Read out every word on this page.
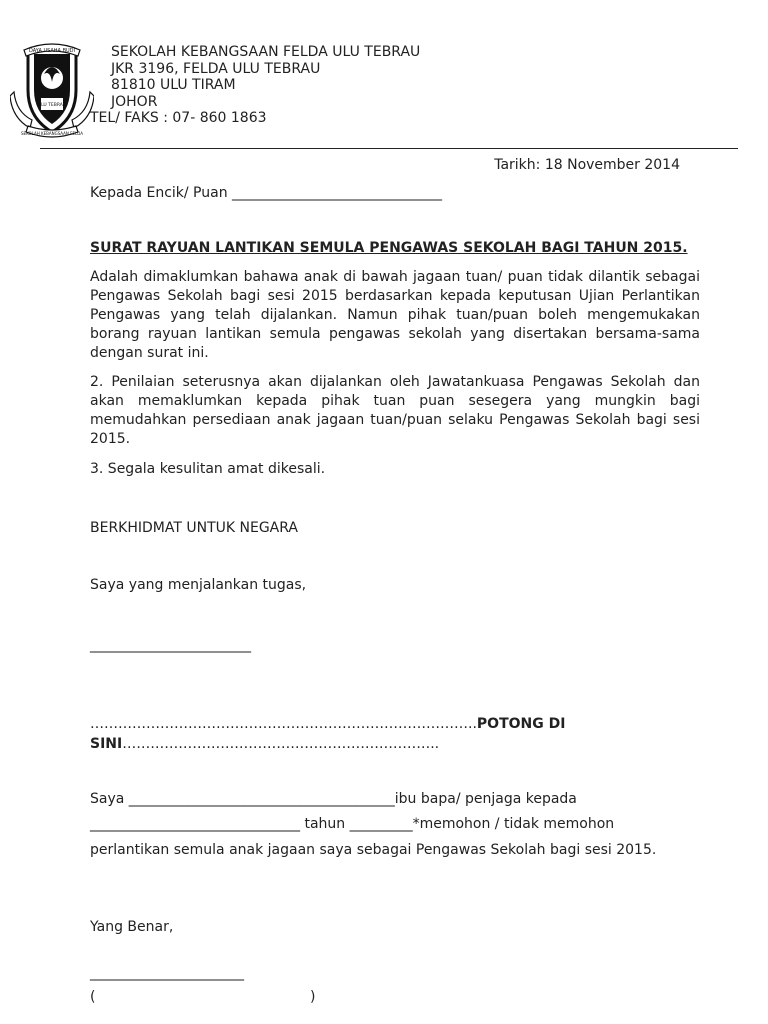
DAYA USAHA BUDI
ULU TEBRAU
SEKOLAH KEBANGSAAN FELDA
SEKOLAH KEBANGSAAN FELDA ULU TEBRAU
JKR 3196, FELDA ULU TEBRAU
81810 ULU TIRAM
JOHOR
TEL/ FAKS : 07- 860 1863
Tarikh: 18 November 2014
Kepada Encik/ Puan ______________________________
SURAT RAYUAN LANTIKAN SEMULA PENGAWAS SEKOLAH BAGI TAHUN 2015.

Adalah dimaklumkan bahawa anak di bawah jagaan tuan/ puan tidak dilantik sebagai Pengawas Sekolah bagi sesi 2015 berdasarkan kepada keputusan Ujian Perlantikan Pengawas yang telah dijalankan. Namun pihak tuan/puan boleh mengemukakan borang rayuan lantikan semula pengawas sekolah yang disertakan bersama-sama dengan surat ini.

2. Penilaian seterusnya akan dijalankan oleh Jawatankuasa Pengawas Sekolah dan akan memaklumkan kepada pihak tuan puan sesegera yang mungkin bagi memudahkan persediaan anak jagaan tuan/puan selaku Pengawas Sekolah bagi sesi 2015.

3. Segala kesulitan amat dikesali.

BERKHIDMAT UNTUK NEGARA
Saya yang menjalankan tugas,
_______________________
………………………………………………………………………..POTONG DI
SINI…………………………………………………………..
Saya ______________________________________ibu bapa/ penjaga kepada
______________________________ tahun _________*memohon / tidak memohon
perlantikan semula anak jagaan saya sebagai Pengawas Sekolah bagi sesi 2015.
Yang Benar,
______________________
(	)
